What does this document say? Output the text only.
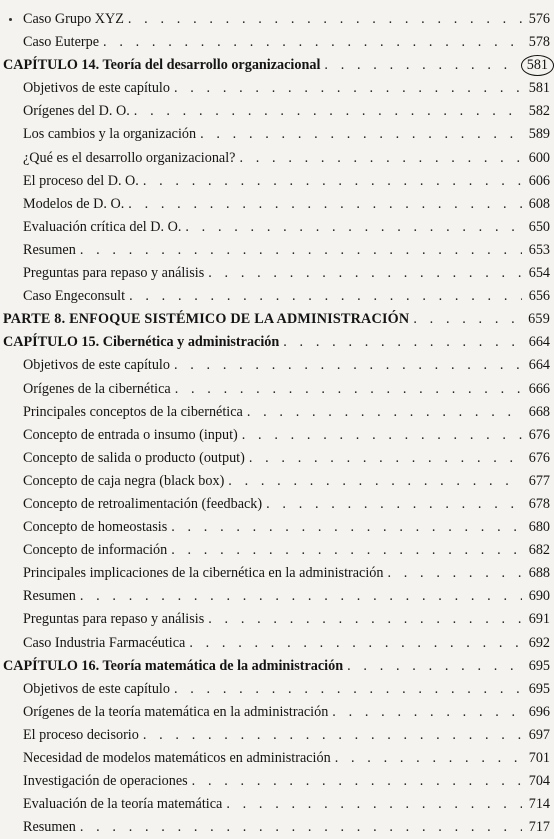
Caso Grupo XYZ . . .	576
Caso Euterpe . . .	578
CAPÍTULO 14. Teoría del desarrollo organizacional . . .	581
Objetivos de este capítulo . . .	581
Orígenes del D. O. . . .	582
Los cambios y la organización . . .	589
¿Qué es el desarrollo organizacional? . . .	600
El proceso del D. O. . . .	606
Modelos de D. O. . . .	608
Evaluación crítica del D. O. . . .	650
Resumen . . .	653
Preguntas para repaso y análisis . . .	654
Caso Engeconsult . . .	656
PARTE 8. ENFOQUE SISTÉMICO DE LA ADMINISTRACIÓN . . .	659
CAPÍTULO 15. Cibernética y administración . . .	664
Objetivos de este capítulo . . .	664
Orígenes de la cibernética . . .	666
Principales conceptos de la cibernética . . .	668
Concepto de entrada o insumo (input) . . .	676
Concepto de salida o producto (output) . . .	676
Concepto de caja negra (black box) . . .	677
Concepto de retroalimentación (feedback) . . .	678
Concepto de homeostasis . . .	680
Concepto de información . . .	682
Principales implicaciones de la cibernética en la administración . . .	688
Resumen . . .	690
Preguntas para repaso y análisis . . .	691
Caso Industria Farmacéutica . . .	692
CAPÍTULO 16. Teoría matemática de la administración . . .	695
Objetivos de este capítulo . . .	695
Orígenes de la teoría matemática en la administración . . .	696
El proceso decisorio . . .	697
Necesidad de modelos matemáticos en administración . . .	701
Investigación de operaciones . . .	704
Evaluación de la teoría matemática . . .	714
Resumen . . .	717
